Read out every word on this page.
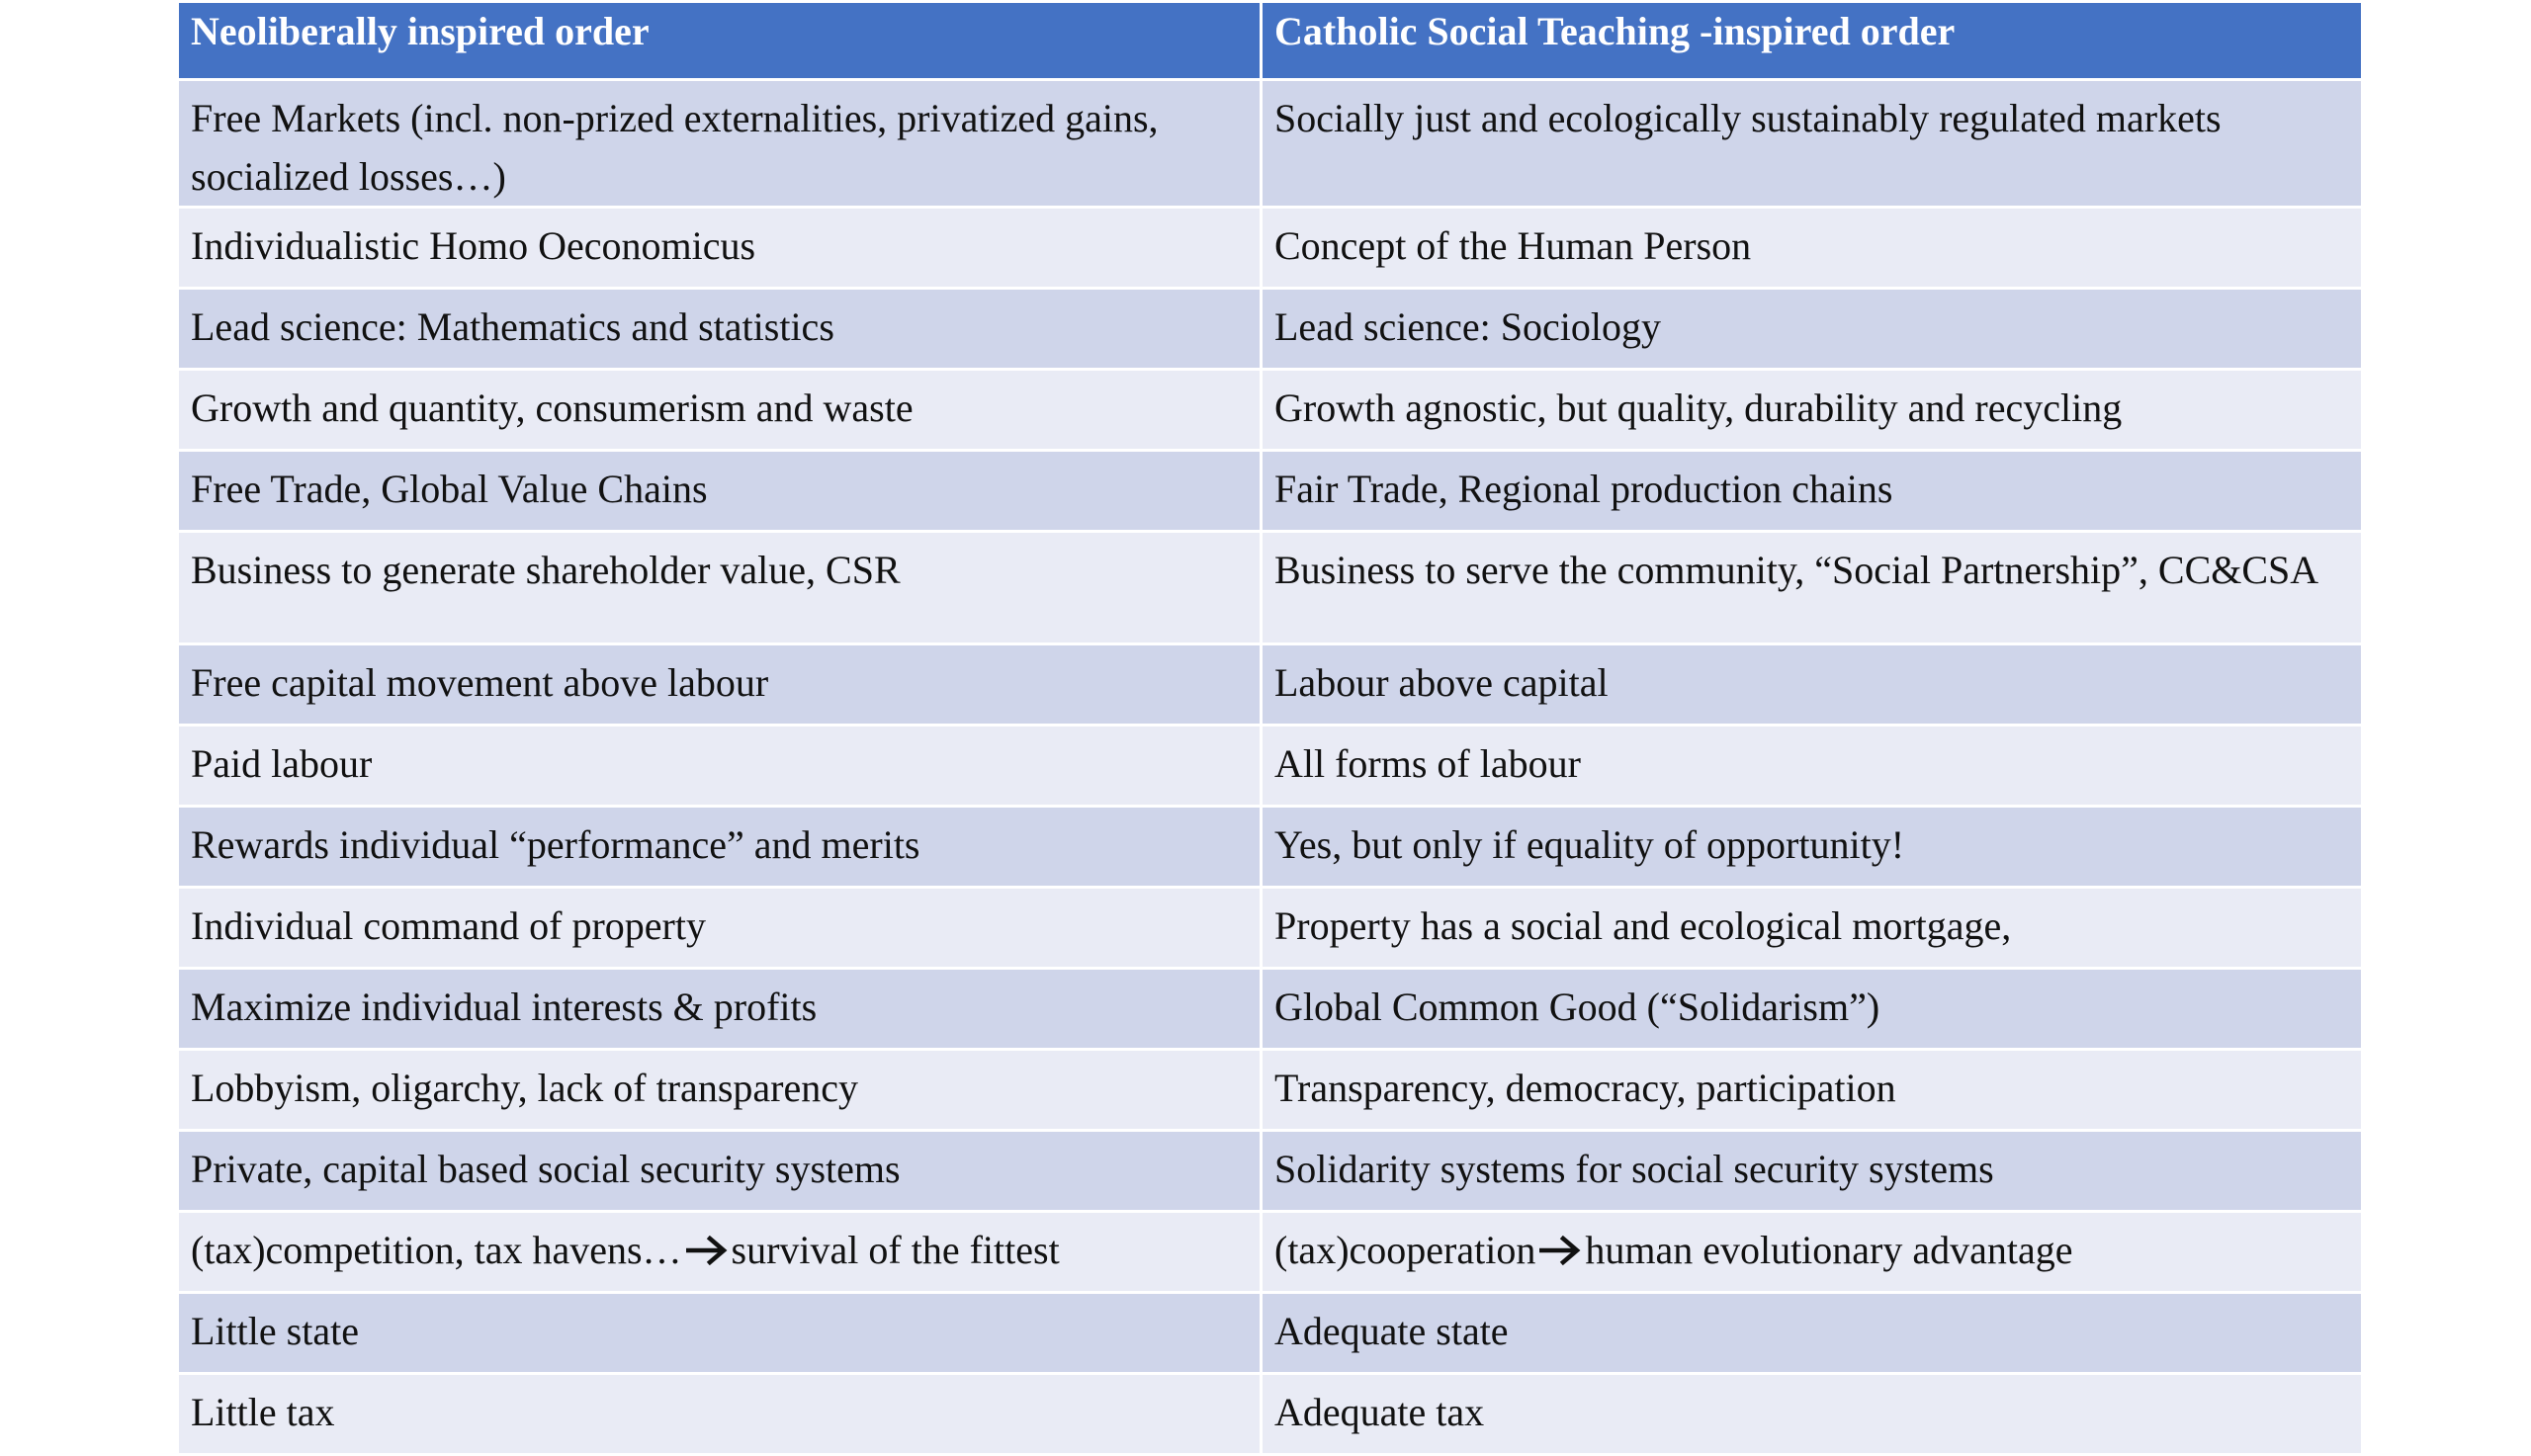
Neoliberally inspired order	Catholic Social Teaching -inspired order

Free Markets (incl. non-prized externalities, privatized gains, socialized losses…)	Socially just and ecologically sustainably regulated markets

Individualistic Homo Oeconomicus	Concept of the Human Person

Lead science: Mathematics and statistics	Lead science: Sociology

Growth and quantity, consumerism and waste	Growth agnostic, but quality, durability and recycling

Free Trade, Global Value Chains	Fair Trade, Regional production chains

Business to generate shareholder value, CSR	Business to serve the community, “Social Partnership”, CC&CSA

Free capital movement above labour	Labour above capital

Paid labour	All forms of labour

Rewards individual “performance” and merits	Yes, but only if equality of opportunity!

Individual command of property	Property has a social and ecological mortgage,

Maximize individual interests & profits	Global Common Good (“Solidarism”)

Lobbyism, oligarchy, lack of transparency	Transparency, democracy, participation

Private, capital based social security systems	Solidarity systems for social security systems

(tax)competition, tax havens… survival of the fittest	(tax)cooperation human evolutionary advantage

Little state	Adequate state

Little tax	Adequate tax
